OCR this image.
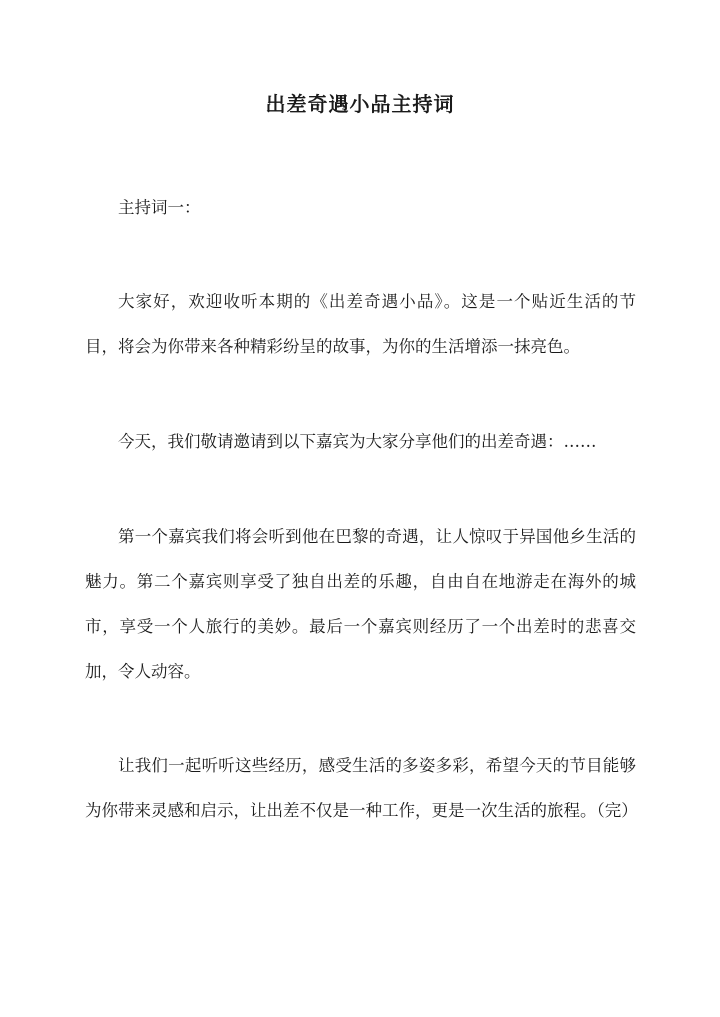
出差奇遇小品主持词

主持词一：

大家好，欢迎收听本期的《出差奇遇小品》。这是一个贴近生活的节目，将会为你带来各种精彩纷呈的故事，为你的生活增添一抹亮色。

今天，我们敬请邀请到以下嘉宾为大家分享他们的出差奇遇：……

第一个嘉宾我们将会听到他在巴黎的奇遇，让人惊叹于异国他乡生活的魅力。第二个嘉宾则享受了独自出差的乐趣，自由自在地游走在海外的城市，享受一个人旅行的美妙。最后一个嘉宾则经历了一个出差时的悲喜交加，令人动容。

让我们一起听听这些经历，感受生活的多姿多彩，希望今天的节目能够为你带来灵感和启示，让出差不仅是一种工作，更是一次生活的旅程。（完）
